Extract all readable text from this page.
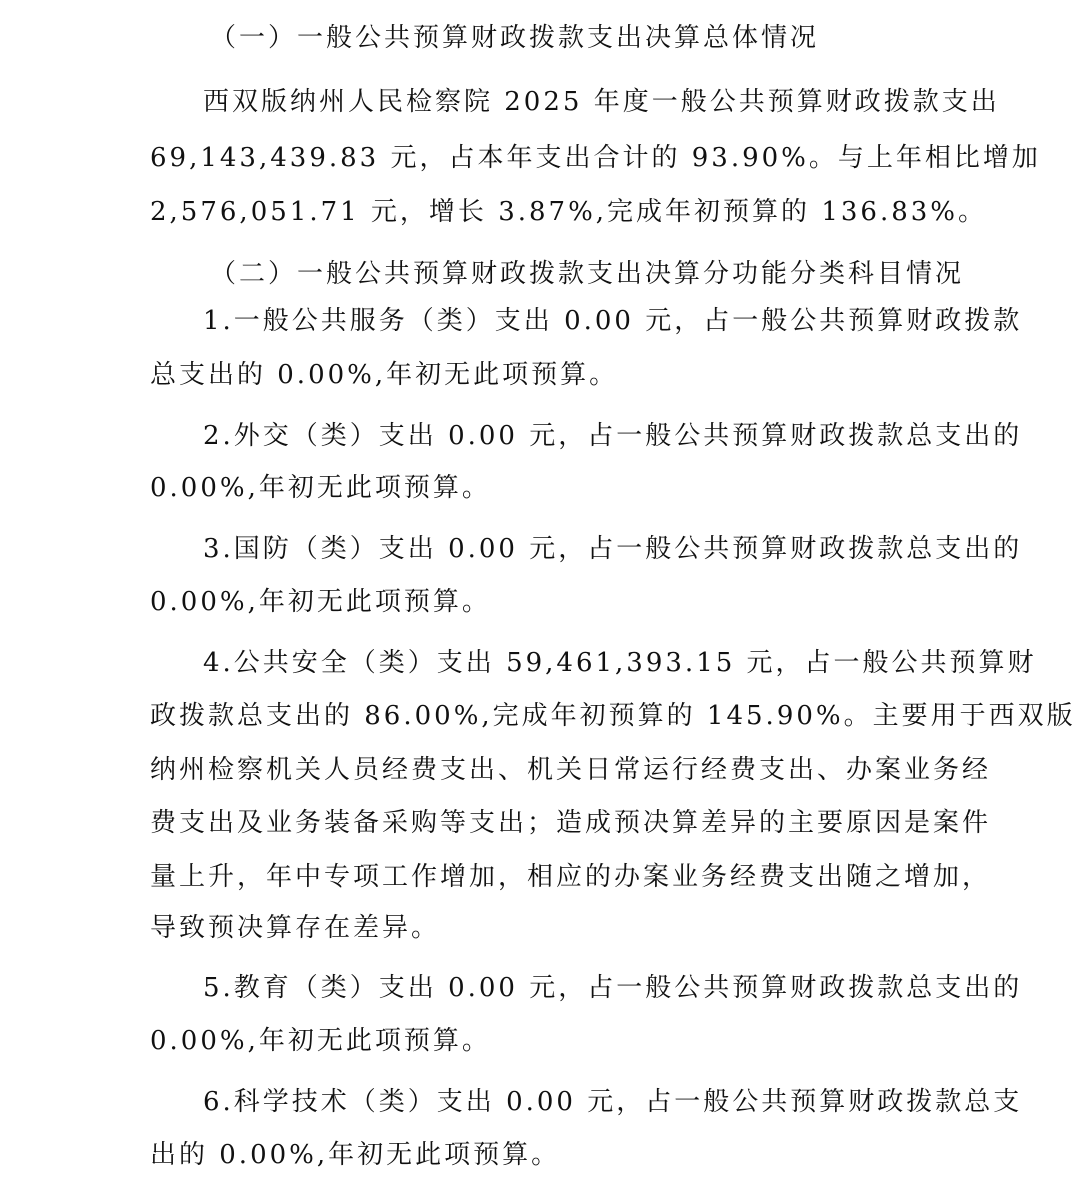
（一）一般公共预算财政拨款支出决算总体情况
西双版纳州人民检察院 2025 年度一般公共预算财政拨款支出
69,143,439.83 元，占本年支出合计的 93.90%。与上年相比增加
2,576,051.71 元，增长 3.87%,完成年初预算的 136.83%。
（二）一般公共预算财政拨款支出决算分功能分类科目情况
1.一般公共服务（类）支出 0.00 元，占一般公共预算财政拨款
总支出的 0.00%,年初无此项预算。
2.外交（类）支出 0.00 元，占一般公共预算财政拨款总支出的
0.00%,年初无此项预算。
3.国防（类）支出 0.00 元，占一般公共预算财政拨款总支出的
0.00%,年初无此项预算。
4.公共安全（类）支出 59,461,393.15 元，占一般公共预算财
政拨款总支出的 86.00%,完成年初预算的 145.90%。主要用于西双版
纳州检察机关人员经费支出、机关日常运行经费支出、办案业务经
费支出及业务装备采购等支出；造成预决算差异的主要原因是案件
量上升，年中专项工作增加，相应的办案业务经费支出随之增加，
导致预决算存在差异。
5.教育（类）支出 0.00 元，占一般公共预算财政拨款总支出的
0.00%,年初无此项预算。
6.科学技术（类）支出 0.00 元，占一般公共预算财政拨款总支
出的 0.00%,年初无此项预算。
